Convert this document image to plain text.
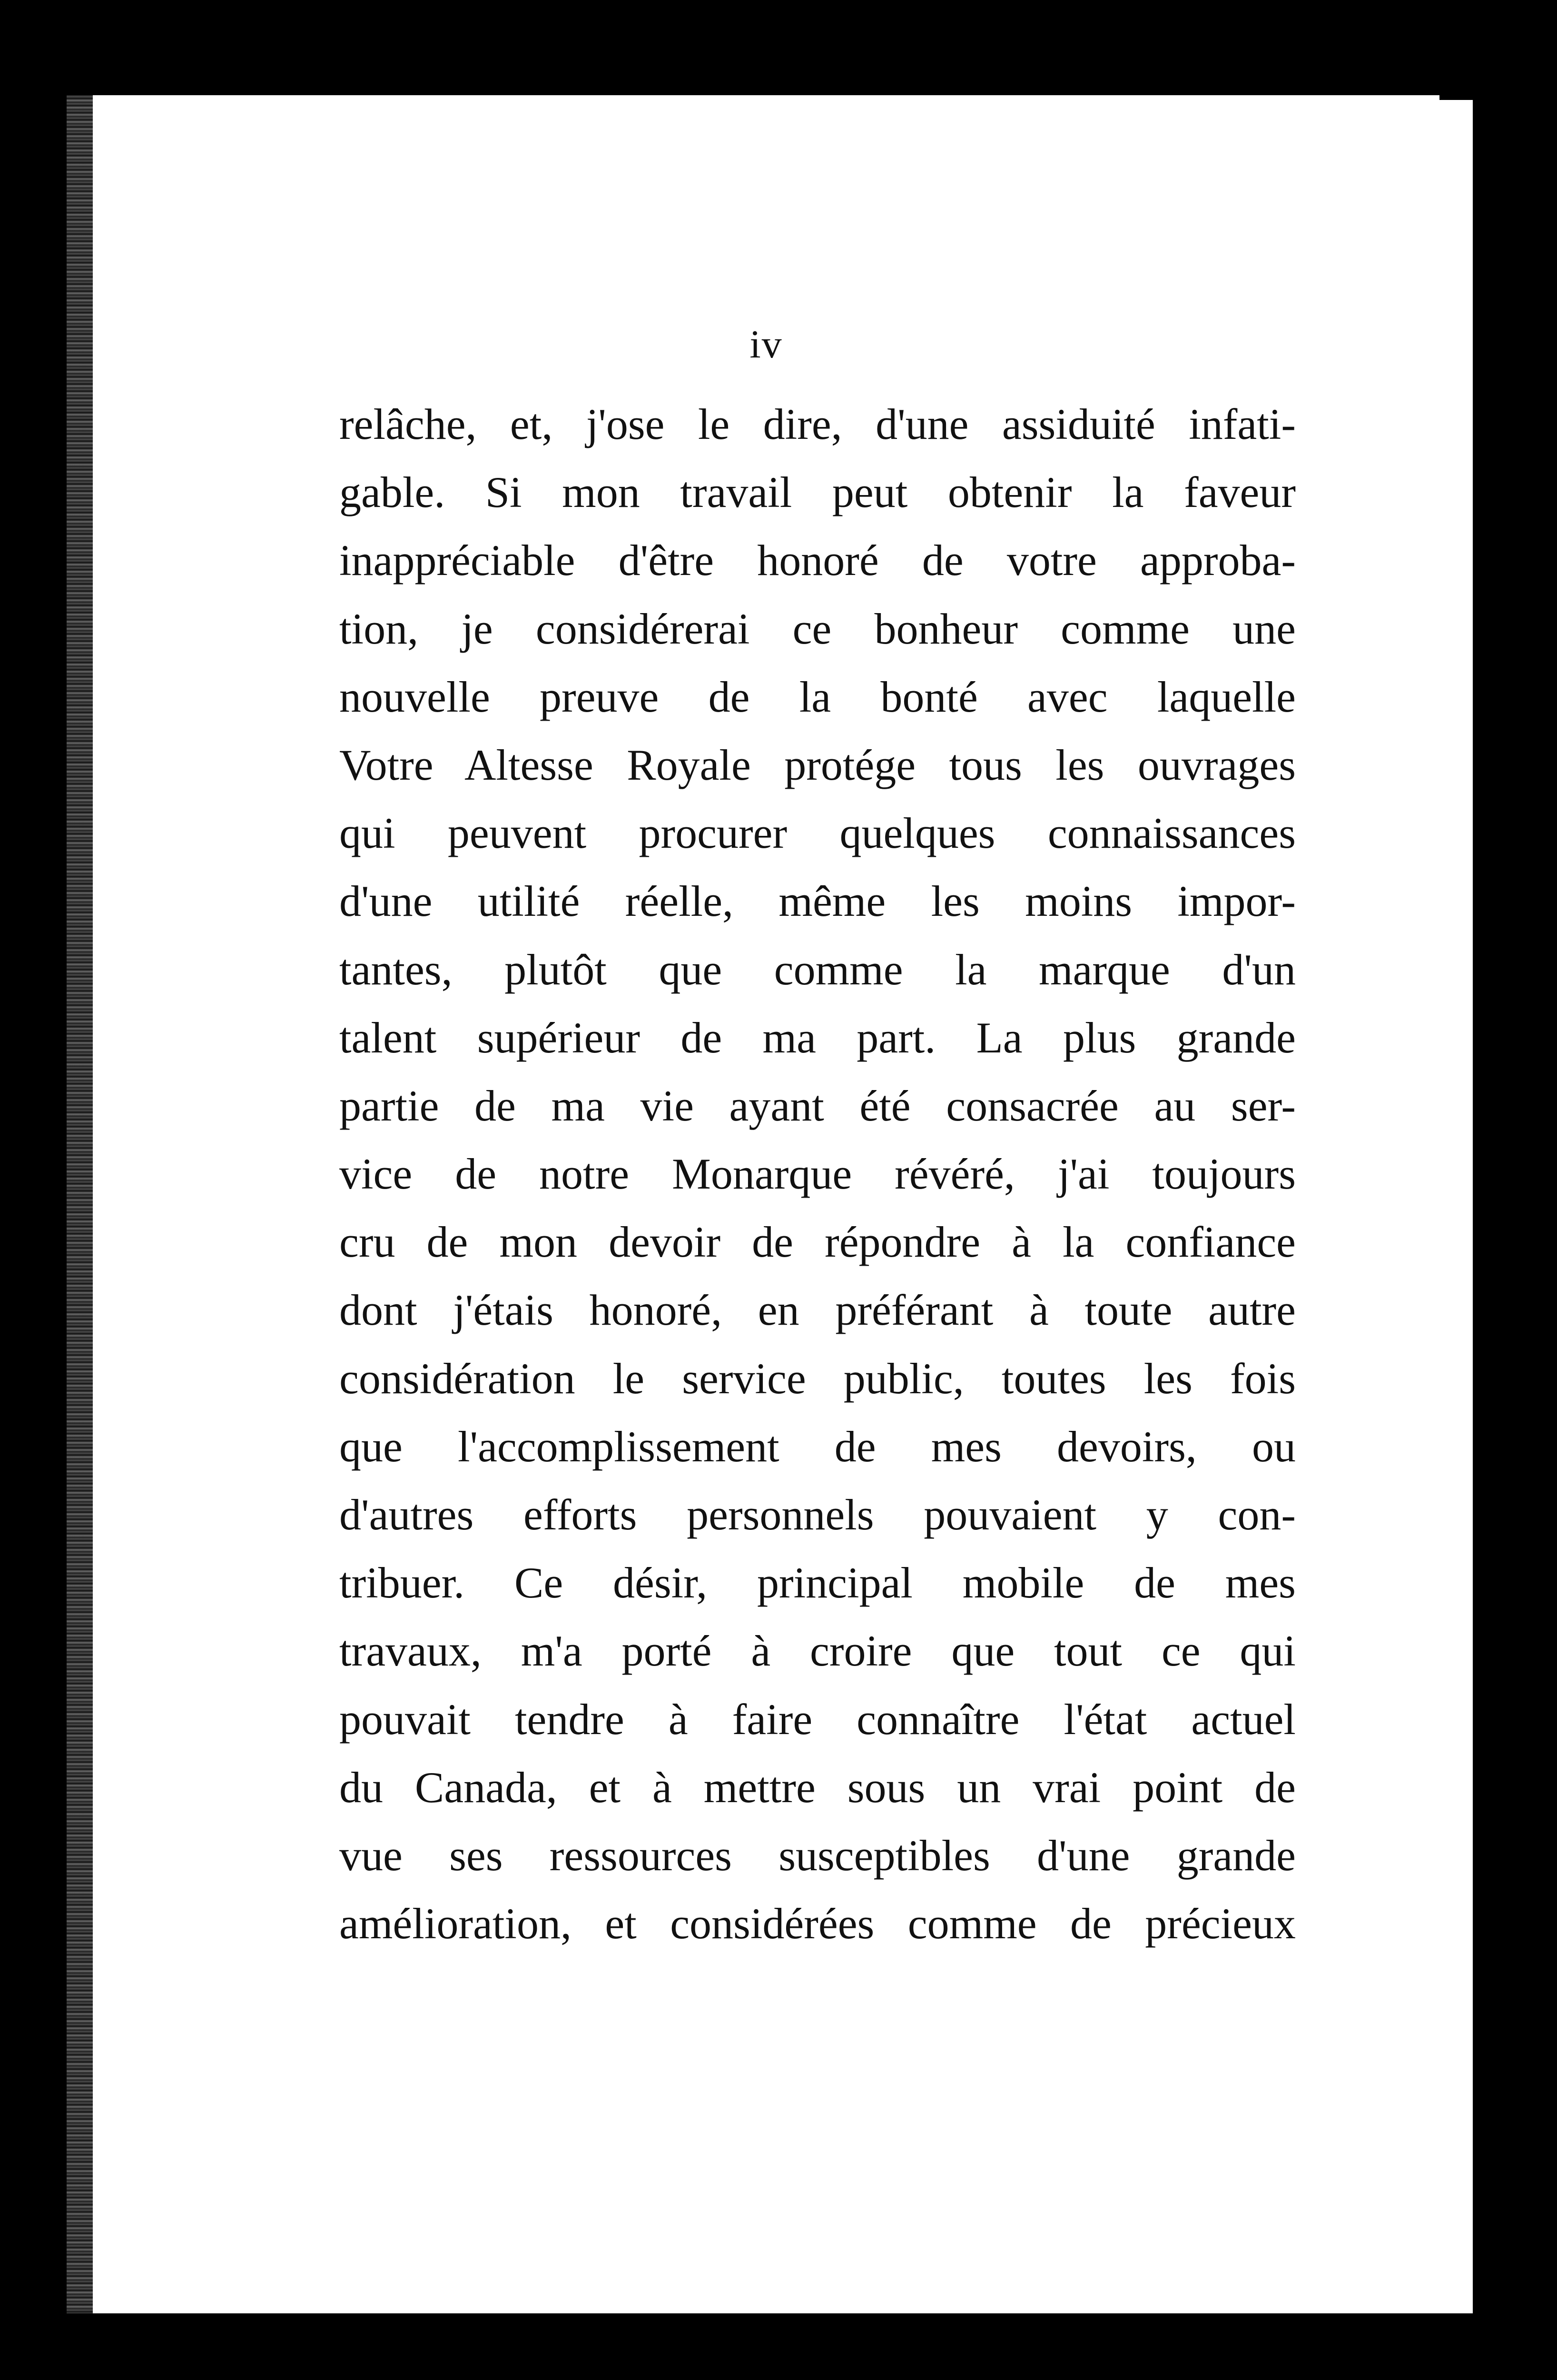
iv
relâche, et, j'ose le dire, d'une assiduité infati-
gable. Si mon travail peut obtenir la faveur
inappréciable d'être honoré de votre approba-
tion, je considérerai ce bonheur comme une
nouvelle preuve de la bonté avec laquelle
Votre Altesse Royale protége tous les ouvrages
qui peuvent procurer quelques connaissances
d'une utilité réelle, même les moins impor-
tantes, plutôt que comme la marque d'un
talent supérieur de ma part. La plus grande
partie de ma vie ayant été consacrée au ser-
vice de notre Monarque révéré, j'ai toujours
cru de mon devoir de répondre à la confiance
dont j'étais honoré, en préférant à toute autre
considération le service public, toutes les fois
que l'accomplissement de mes devoirs, ou
d'autres efforts personnels pouvaient y con-
tribuer. Ce désir, principal mobile de mes
travaux, m'a porté à croire que tout ce qui
pouvait tendre à faire connaître l'état actuel
du Canada, et à mettre sous un vrai point de
vue ses ressources susceptibles d'une grande
amélioration, et considérées comme de précieux
